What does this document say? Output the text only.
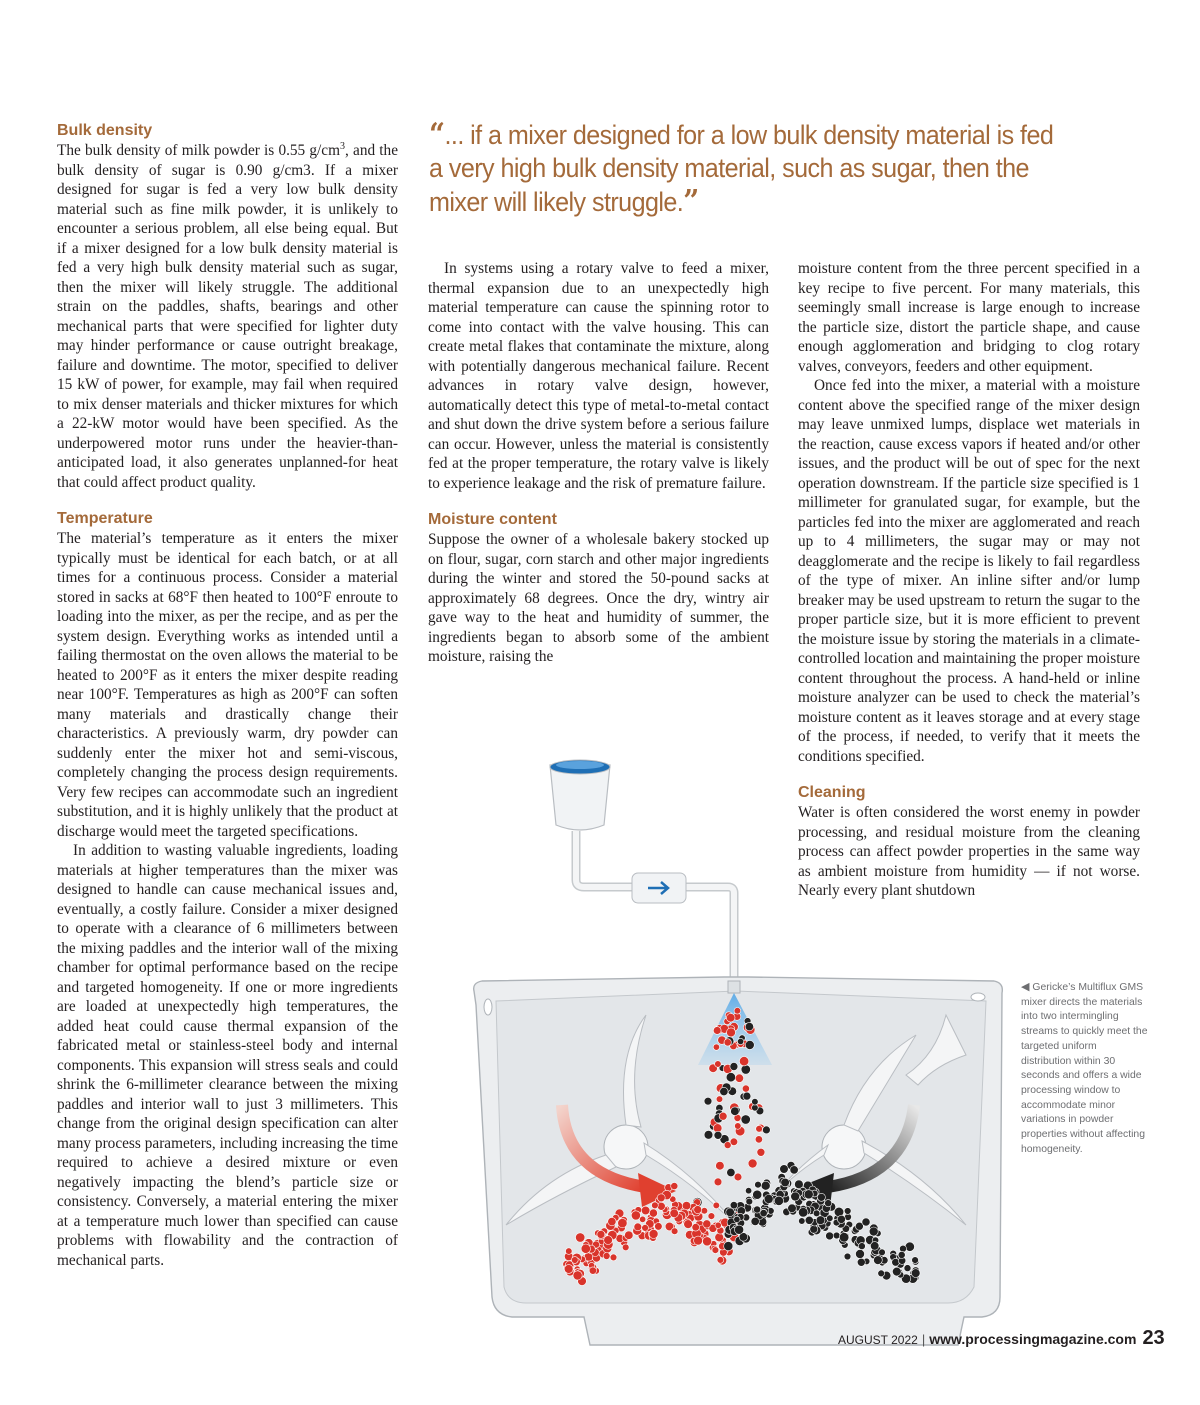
“... if a mixer designed for a low bulk density material is fed a very high bulk density material, such as sugar, then the mixer will likely struggle.”

Bulk density

The bulk density of milk powder is 0.55 $g/cm^3$, and the bulk density of sugar is 0.90 g/cm3. If a mixer designed for sugar is fed a very low bulk density material such as fine milk powder, it is unlikely to encounter a serious problem, all else being equal. But if a mixer designed for a low bulk density material is fed a very high bulk density material such as sugar, then the mixer will likely struggle. The additional strain on the paddles, shafts, bearings and other mechanical parts that were specified for lighter duty may hinder performance or cause outright breakage, failure and downtime. The motor, specified to deliver 15 kW of power, for example, may fail when required to mix denser materials and thicker mixtures for which a 22-kW motor would have been specified. As the underpowered motor runs under the heavier-than-anticipated load, it also generates unplanned-for heat that could affect product quality.

Temperature

The material’s temperature as it enters the mixer typically must be identical for each batch, or at all times for a continuous process. Consider a material stored in sacks at 68°F then heated to 100°F enroute to loading into the mixer, as per the recipe, and as per the system design. Everything works as intended until a failing thermostat on the oven allows the material to be heated to 200°F as it enters the mixer despite reading near 100°F. Temperatures as high as 200°F can soften many materials and drastically change their characteristics. A previously warm, dry powder can suddenly enter the mixer hot and semi-viscous, completely changing the process design requirements. Very few recipes can accommodate such an ingredient substitution, and it is highly unlikely that the product at discharge would meet the targeted specifications.

In addition to wasting valuable ingredients, loading materials at higher temperatures than the mixer was designed to handle can cause mechanical issues and, eventually, a costly failure. Consider a mixer designed to operate with a clearance of 6 millimeters between the mixing paddles and the interior wall of the mixing chamber for optimal performance based on the recipe and targeted homogeneity. If one or more ingredients are loaded at unexpectedly high temperatures, the added heat could cause thermal expansion of the fabricated metal or stainless-steel body and internal components. This expansion will stress seals and could shrink the 6-millimeter clearance between the mixing paddles and interior wall to just 3 millimeters. This change from the original design specification can alter many process parameters, including increasing the time required to achieve a desired mixture or even negatively impacting the blend’s particle size or consistency. Conversely, a material entering the mixer at a temperature much lower than specified can cause problems with flowability and the contraction of mechanical parts.

In systems using a rotary valve to feed a mixer, thermal expansion due to an unexpectedly high material temperature can cause the spinning rotor to come into contact with the valve housing. This can create metal flakes that contaminate the mixture, along with potentially dangerous mechanical failure. Recent advances in rotary valve design, however, automatically detect this type of metal-to-metal contact and shut down the drive system before a serious failure can occur. However, unless the material is consistently fed at the proper temperature, the rotary valve is likely to experience leakage and the risk of premature failure.

Moisture content

Suppose the owner of a wholesale bakery stocked up on flour, sugar, corn starch and other major ingredients during the winter and stored the 50-pound sacks at approximately 68 degrees. Once the dry, wintry air gave way to the heat and humidity of summer, the ingredients began to absorb some of the ambient moisture, raising the

moisture content from the three percent specified in a key recipe to five percent. For many materials, this seemingly small increase is large enough to increase the particle size, distort the particle shape, and cause enough agglomeration and bridging to clog rotary valves, conveyors, feeders and other equipment.

Once fed into the mixer, a material with a moisture content above the specified range of the mixer design may leave unmixed lumps, displace wet materials in the reaction, cause excess vapors if heated and/or other issues, and the product will be out of spec for the next operation downstream. If the particle size specified is 1 millimeter for granulated sugar, for example, but the particles fed into the mixer are agglomerated and reach up to 4 millimeters, the sugar may or may not deagglomerate and the recipe is likely to fail regardless of the type of mixer. An inline sifter and/or lump breaker may be used upstream to return the sugar to the proper particle size, but it is more efficient to prevent the moisture issue by storing the materials in a climate-controlled location and maintaining the proper moisture content throughout the process. A hand-held or inline moisture analyzer can be used to check the material’s moisture content as it leaves storage and at every stage of the process, if needed, to verify that it meets the conditions specified.

Cleaning

Water is often considered the worst enemy in powder processing, and residual moisture from the cleaning process can affect powder properties in the same way as ambient moisture from humidity — if not worse. Nearly every plant shutdown

◀ Gericke’s Multiflux GMS mixer directs the materials into two intermingling streams to quickly meet the targeted uniform distribution within 30 seconds and offers a wide processing window to accommodate minor variations in powder properties without affecting homogeneity.
AUGUST 2022 | www.processingmagazine.com 23
